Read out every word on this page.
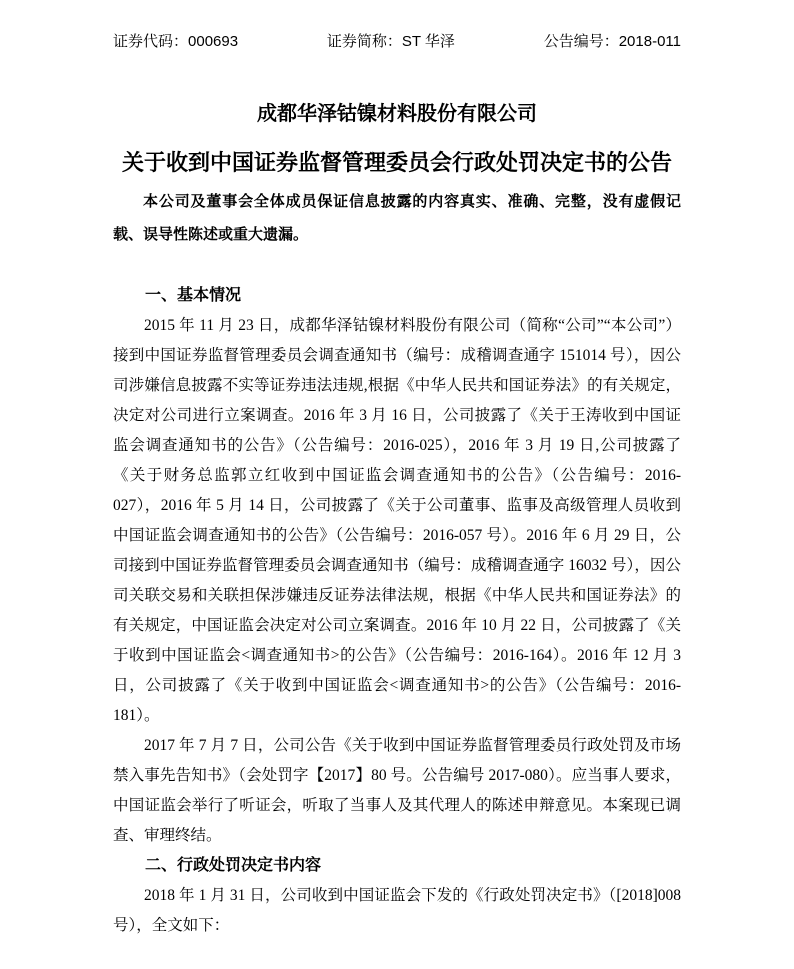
证券代码：000693	证券简称：ST 华泽	公告编号：2018-011
成都华泽钴镍材料股份有限公司
关于收到中国证券监督管理委员会行政处罚决定书的公告
本公司及董事会全体成员保证信息披露的内容真实、准确、完整，没有虚假记载、误导性陈述或重大遗漏。
一、基本情况

2015 年 11 月 23 日，成都华泽钴镍材料股份有限公司（简称“公司”“本公司”） 接到中国证券监督管理委员会调查通知书（编号：成稽调查通字 151014 号），因公司涉嫌信息披露不实等证券违法违规,根据《中华人民共和国证券法》的有关规定，决定对公司进行立案调查。2016 年 3 月 16 日，公司披露了《关于王涛收到中国证监会调查通知书的公告》（公告编号：2016-025），2016 年 3 月 19 日,公司披露了《关于财务总监郭立红收到中国证监会调查通知书的公告》（公告编号：2016-027），2016 年 5 月 14 日，公司披露了《关于公司董事、监事及高级管理人员收到中国证监会调查通知书的公告》（公告编号：2016-057 号）。2016 年 6 月 29 日，公司接到中国证券监督管理委员会调查通知书（编号：成稽调查通字 16032 号），因公司关联交易和关联担保涉嫌违反证券法律法规，根据《中华人民共和国证券法》的有关规定，中国证监会决定对公司立案调查。2016 年 10 月 22 日，公司披露了《关于收到中国证监会<调查通知书>的公告》（公告编号：2016-164）。2016 年 12 月 3 日，公司披露了《关于收到中国证监会<调查通知书>的公告》（公告编号：2016-181）。

2017 年 7 月 7 日，公司公告《关于收到中国证券监督管理委员行政处罚及市场禁入事先告知书》（会处罚字【2017】80 号。公告编号 2017-080）。应当事人要求，中国证监会举行了听证会，听取了当事人及其代理人的陈述申辩意见。本案现已调查、审理终结。

二、行政处罚决定书内容

2018 年 1 月 31 日，公司收到中国证监会下发的《行政处罚决定书》（[2018]008 号），全文如下：
